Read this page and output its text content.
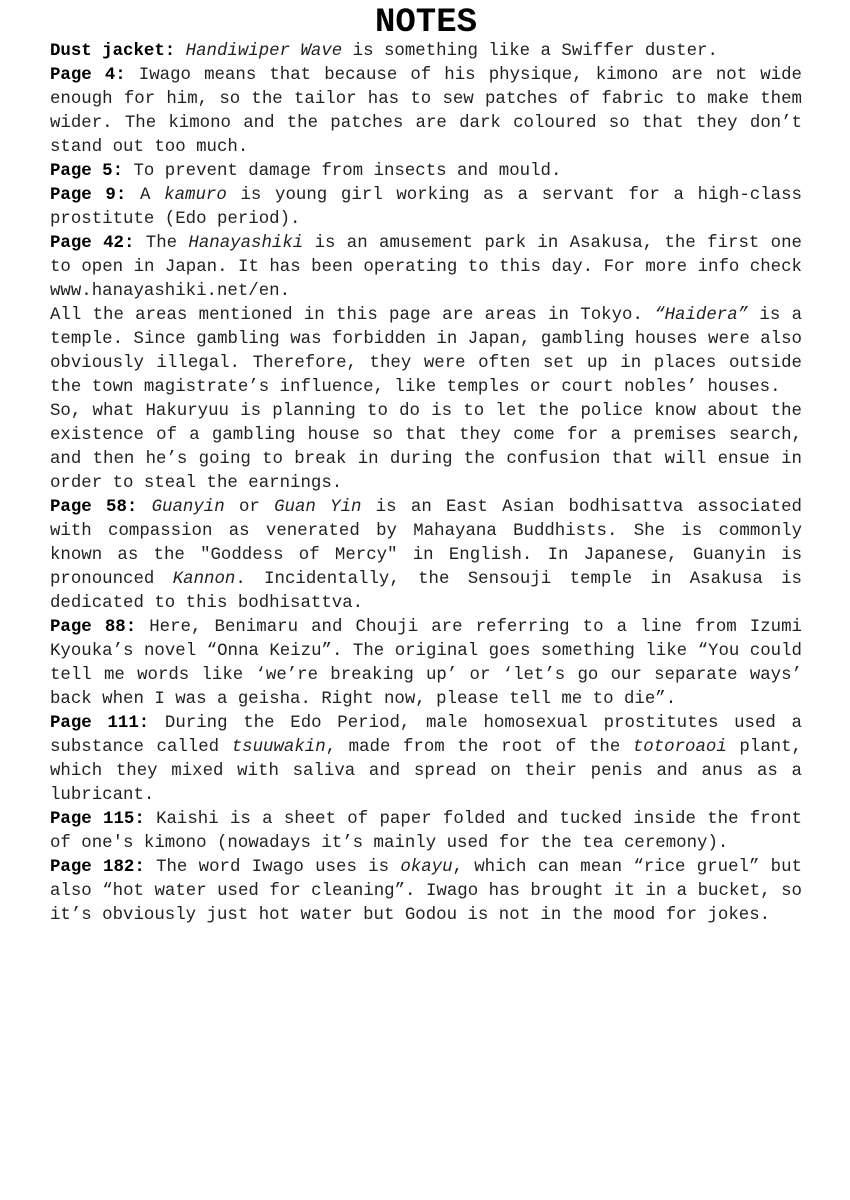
NOTES

Dust jacket: Handiwiper Wave is something like a Swiffer duster.

Page 4: Iwago means that because of his physique, kimono are not wide enough for him, so the tailor has to sew patches of fabric to make them wider. The kimono and the patches are dark coloured so that they don’t stand out too much.

Page 5: To prevent damage from insects and mould.

Page 9: A kamuro is young girl working as a servant for a high-class prostitute (Edo period).

Page 42: The Hanayashiki is an amusement park in Asakusa, the first one to open in Japan. It has been operating to this day. For more info check www.hanayashiki.net/en.

All the areas mentioned in this page are areas in Tokyo. “Haidera” is a temple. Since gambling was forbidden in Japan, gambling houses were also obviously illegal. Therefore, they were often set up in places outside the town magistrate’s influence, like temples or court nobles’ houses.

So, what Hakuryuu is planning to do is to let the police know about the existence of a gambling house so that they come for a premises search, and then he’s going to break in during the confusion that will ensue in order to steal the earnings.

Page 58: Guanyin or Guan Yin is an East Asian bodhisattva associated with compassion as venerated by Mahayana Buddhists. She is commonly known as the "Goddess of Mercy" in English. In Japanese, Guanyin is pronounced Kannon. Incidentally, the Sensouji temple in Asakusa is dedicated to this bodhisattva.

Page 88: Here, Benimaru and Chouji are referring to a line from Izumi Kyouka’s novel “Onna Keizu”. The original goes something like “You could tell me words like ‘we’re breaking up’ or ‘let’s go our separate ways’ back when I was a geisha. Right now, please tell me to die”.

Page 111: During the Edo Period, male homosexual prostitutes used a substance called tsuuwakin, made from the root of the totoroaoi plant, which they mixed with saliva and spread on their penis and anus as a lubricant.

Page 115: Kaishi is a sheet of paper folded and tucked inside the front of one's kimono (nowadays it’s mainly used for the tea ceremony).

Page 182: The word Iwago uses is okayu, which can mean “rice gruel” but also “hot water used for cleaning”. Iwago has brought it in a bucket, so it’s obviously just hot water but Godou is not in the mood for jokes.
